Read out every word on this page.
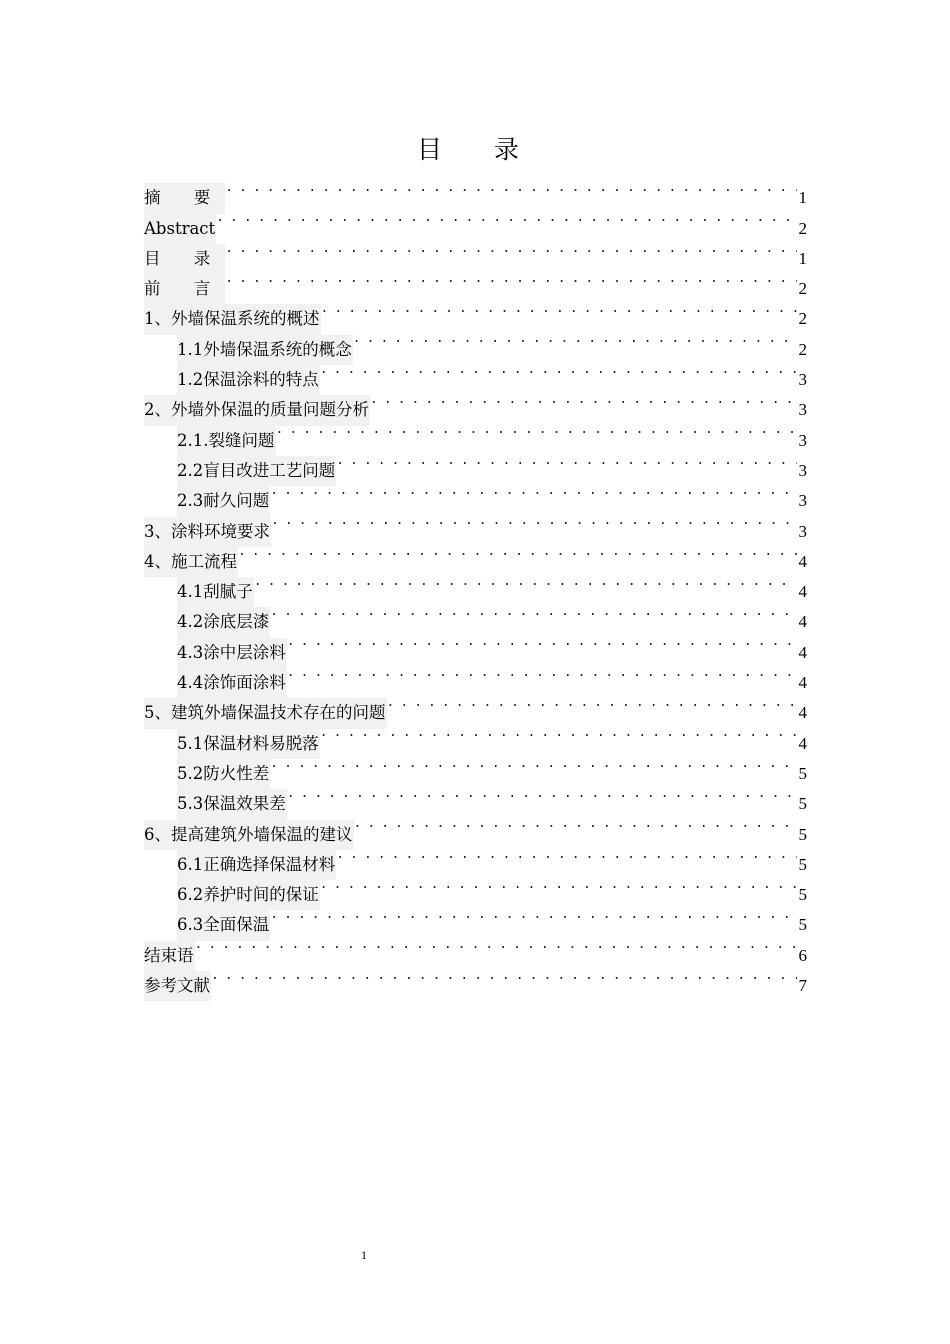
目 录
摘 要 . . .	1
Abstract . . .	2
目 录 . . .	1
前 言 . . .	2
1、外墙保温系统的概述 . . .	2
1.1外墙保温系统的概念 . . .	2
1.2保温涂料的特点 . . .	3
2、外墙外保温的质量问题分析 . . .	3
2.1.裂缝问题 . . .	3
2.2盲目改进工艺问题 . . .	3
2.3耐久问题 . . .	3
3、涂料环境要求 . . .	3
4、施工流程 . . .	4
4.1刮腻子 . . .	4
4.2涂底层漆 . . .	4
4.3涂中层涂料 . . .	4
4.4涂饰面涂料 . . .	4
5、建筑外墙保温技术存在的问题 . . .	4
5.1保温材料易脱落 . . .	4
5.2防火性差 . . .	5
5.3保温效果差 . . .	5
6、提高建筑外墙保温的建议 . . .	5
6.1正确选择保温材料 . . .	5
6.2养护时间的保证 . . .	5
6.3全面保温 . . .	5
结束语 . . .	6
参考文献 . . .	7
1
